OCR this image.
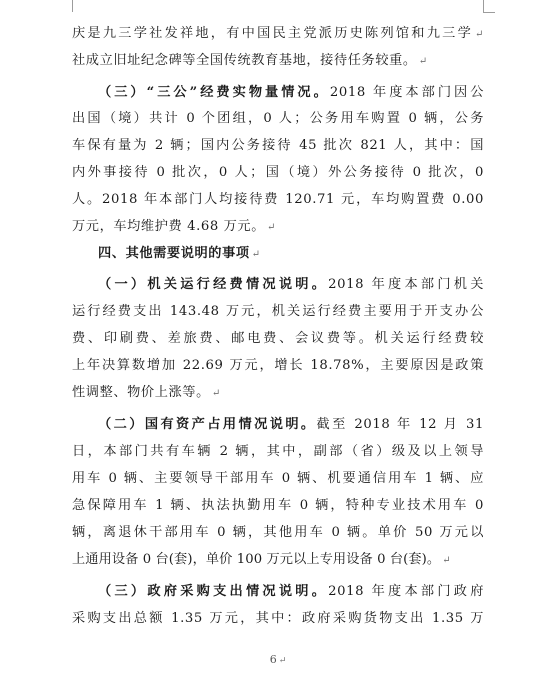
庆是九三学社发祥地，有中国民主党派历史陈列馆和九三学 ↵
社成立旧址纪念碑等全国传统教育基地，接待任务较重。 ↵
（三）“三公”经费实物量情况。2018 年度本部门因公
出国（境）共计 0 个团组，0 人；公务用车购置 0 辆，公务
车保有量为 2 辆；国内公务接待 45 批次 821 人，其中：国
内外事接待 0 批次，0 人；国（境）外公务接待 0 批次，0
人。2018 年本部门人均接待费 120.71 元，车均购置费 0.00
万元，车均维护费 4.68 万元。 ↵
四、其他需要说明的事项 ↵
（一）机关运行经费情况说明。2018 年度本部门机关
运行经费支出 143.48 万元，机关运行经费主要用于开支办公
费、印刷费、差旅费、邮电费、会议费等。机关运行经费较
上年决算数增加 22.69 万元，增长 18.78%，主要原因是政策
性调整、物价上涨等。 ↵
（二）国有资产占用情况说明。截至 2018 年 12 月 31
日，本部门共有车辆 2 辆，其中，副部（省）级及以上领导
用车 0 辆、主要领导干部用车 0 辆、机要通信用车 1 辆、应
急保障用车 1 辆、执法执勤用车 0 辆，特种专业技术用车 0
辆，离退休干部用车 0 辆，其他用车 0 辆。单价 50 万元以
上通用设备 0 台(套)，单价 100 万元以上专用设备 0 台(套)。 ↵
（三）政府采购支出情况说明。2018 年度本部门政府
采购支出总额 1.35 万元，其中：政府采购货物支出 1.35 万
6 ↵
